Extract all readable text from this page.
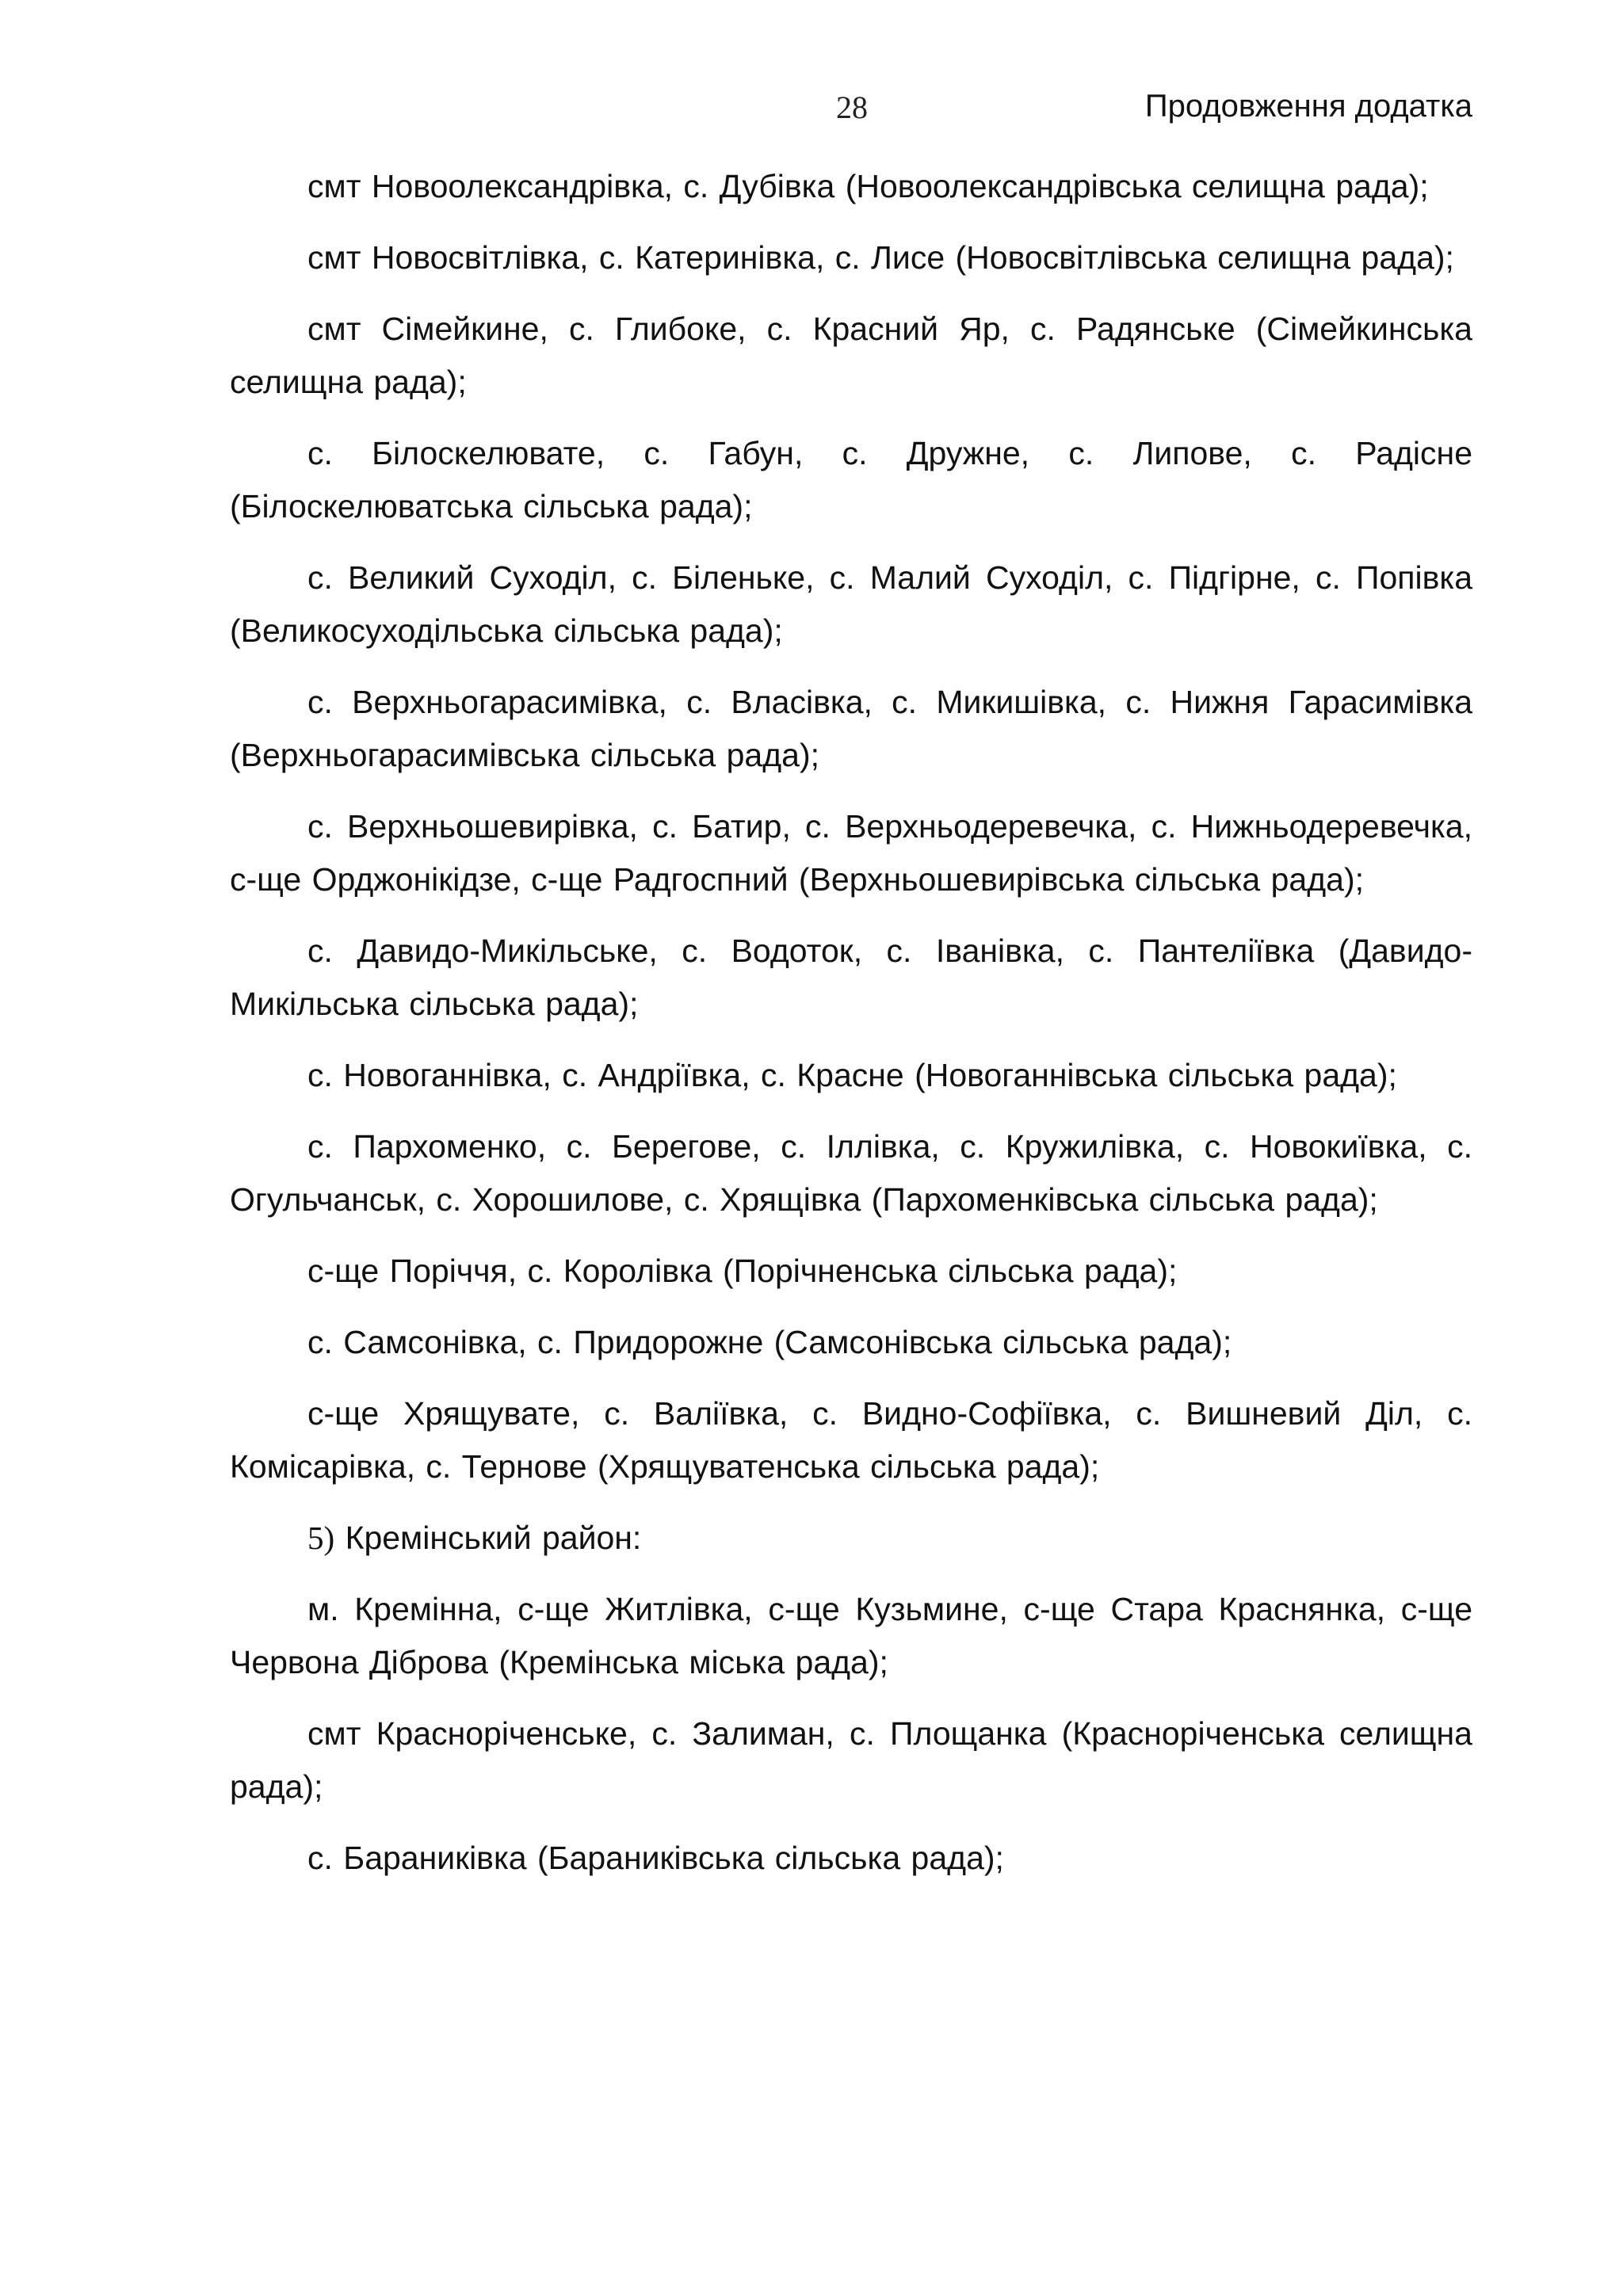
28	Продовження додатка

смт Новоолександрівка, с. Дубівка (Новоолександрівська селищна рада);

смт Новосвітлівка, с. Катеринівка, с. Лисе (Новосвітлівська селищна рада);

смт Сімейкине, с. Глибоке, с. Красний Яр, с. Радянське (Сімейкинська селищна рада);

с. Білоскелювате, с. Габун, с. Дружне, с. Липове, с. Радісне (Білоскелюватська сільська рада);

с. Великий Суходіл, с. Біленьке, с. Малий Суходіл, с. Підгірне, с. Попівка (Великосуходільська сільська рада);

с. Верхньогарасимівка, с. Власівка, с. Микишівка, с. Нижня Гарасимівка (Верхньогарасимівська сільська рада);

с. Верхньошевирівка, с. Батир, с. Верхньодеревечка, с. Нижньодеревечка, с-ще Орджонікідзе, с-ще Радгоспний (Верхньошевирівська сільська рада);

с. Давидо-Микільське, с. Водоток, с. Іванівка, с. Пантеліївка (Давидо-Микільська сільська рада);

с. Новоганнівка, с. Андріївка, с. Красне (Новоганнівська сільська рада);

с. Пархоменко, с. Берегове, с. Іллівка, с. Кружилівка, с. Новокиївка, с. Огульчанськ, с. Хорошилове, с. Хрящівка (Пархоменківська сільська рада);

с-ще Поріччя, с. Королівка (Порічненська сільська рада);

с. Самсонівка, с. Придорожне (Самсонівська сільська рада);

с-ще Хрящувате, с. Валіївка, с. Видно-Софіївка, с. Вишневий Діл, с. Комісарівка, с. Тернове (Хрящуватенська сільська рада);

5) Кремінський район:

м. Кремінна, с-ще Житлівка, с-ще Кузьмине, с-ще Стара Краснянка, с-ще Червона Діброва (Кремінська міська рада);

смт Красноріченське, с. Залиман, с. Площанка (Красноріченська селищна рада);

с. Бараниківка (Бараниківська сільська рада);
